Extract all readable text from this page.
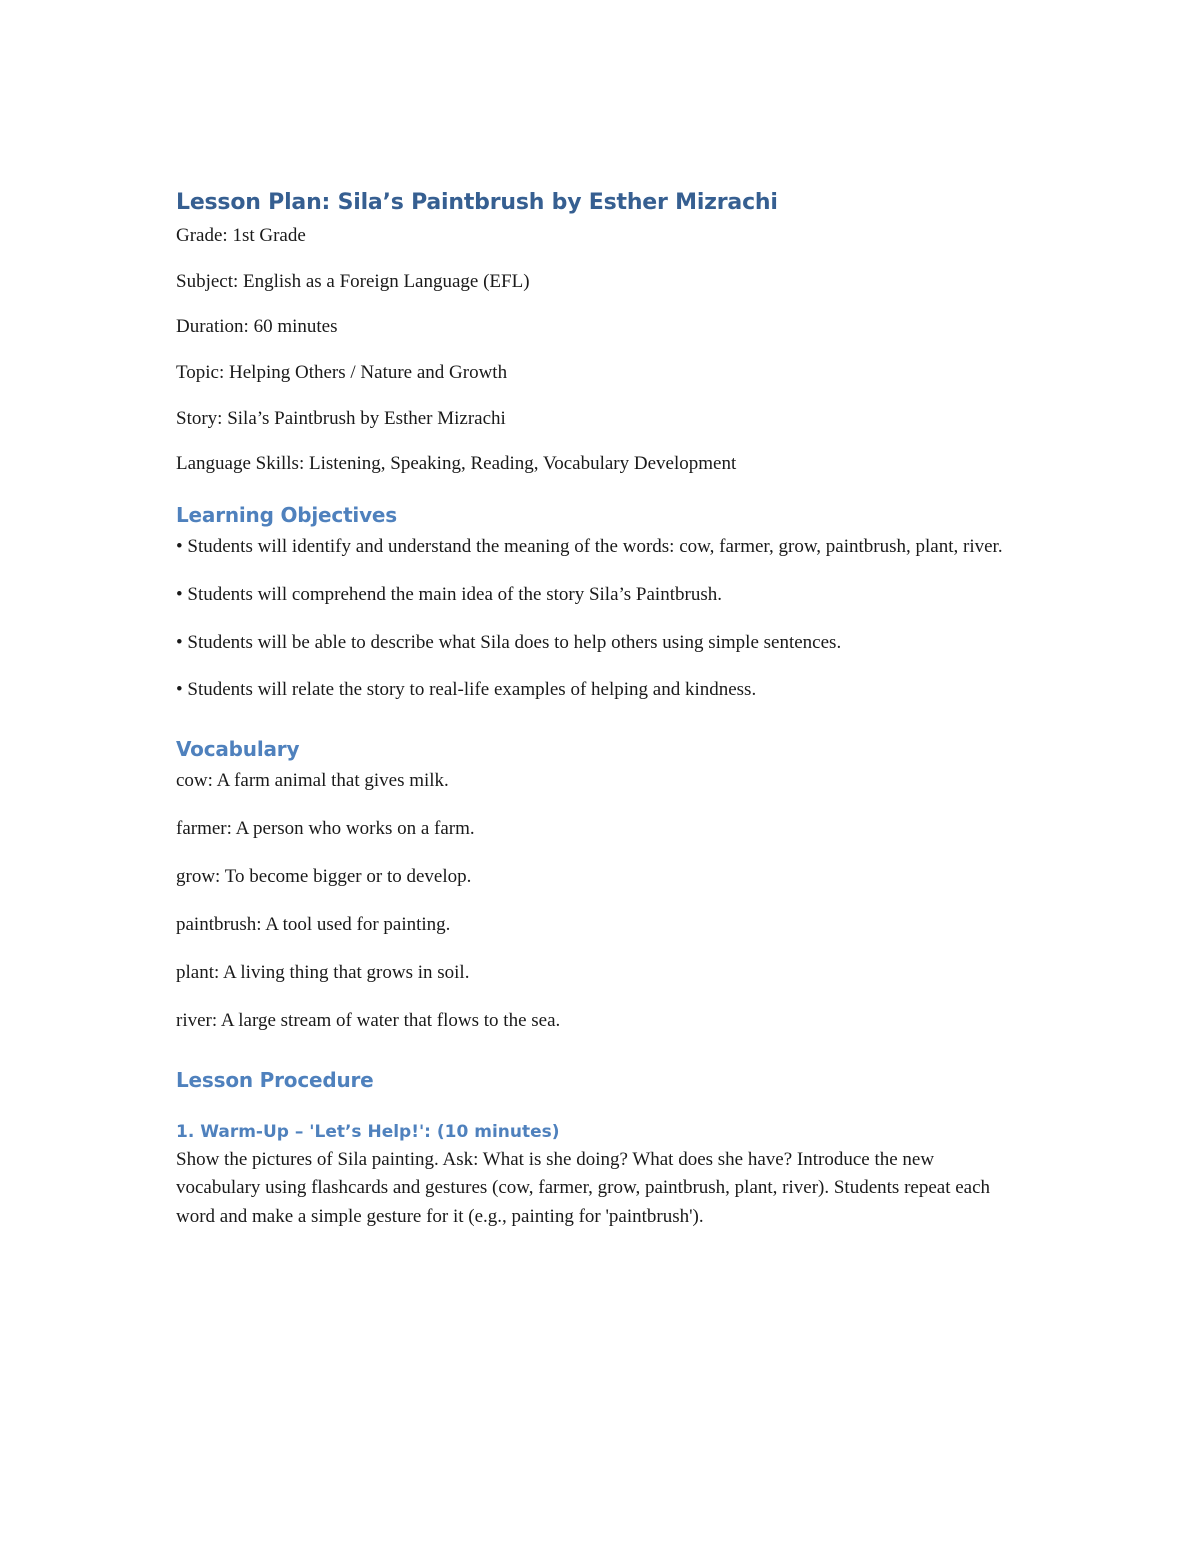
Lesson Plan: Sila’s Paintbrush by Esther Mizrachi

Grade: 1st Grade

Subject: English as a Foreign Language (EFL)

Duration: 60 minutes

Topic: Helping Others / Nature and Growth

Story: Sila’s Paintbrush by Esther Mizrachi

Language Skills: Listening, Speaking, Reading, Vocabulary Development

Learning Objectives

• Students will identify and understand the meaning of the words: cow, farmer, grow, paintbrush, plant, river.

• Students will comprehend the main idea of the story Sila’s Paintbrush.

• Students will be able to describe what Sila does to help others using simple sentences.

• Students will relate the story to real-life examples of helping and kindness.

Vocabulary

cow: A farm animal that gives milk.

farmer: A person who works on a farm.

grow: To become bigger or to develop.

paintbrush: A tool used for painting.

plant: A living thing that grows in soil.

river: A large stream of water that flows to the sea.

Lesson Procedure
1. Warm-Up – 'Let’s Help!': (10 minutes)

Show the pictures of Sila painting. Ask: What is she doing? What does she have? Introduce the new vocabulary using flashcards and gestures (cow, farmer, grow, paintbrush, plant, river). Students repeat each word and make a simple gesture for it (e.g., painting for 'paintbrush').
